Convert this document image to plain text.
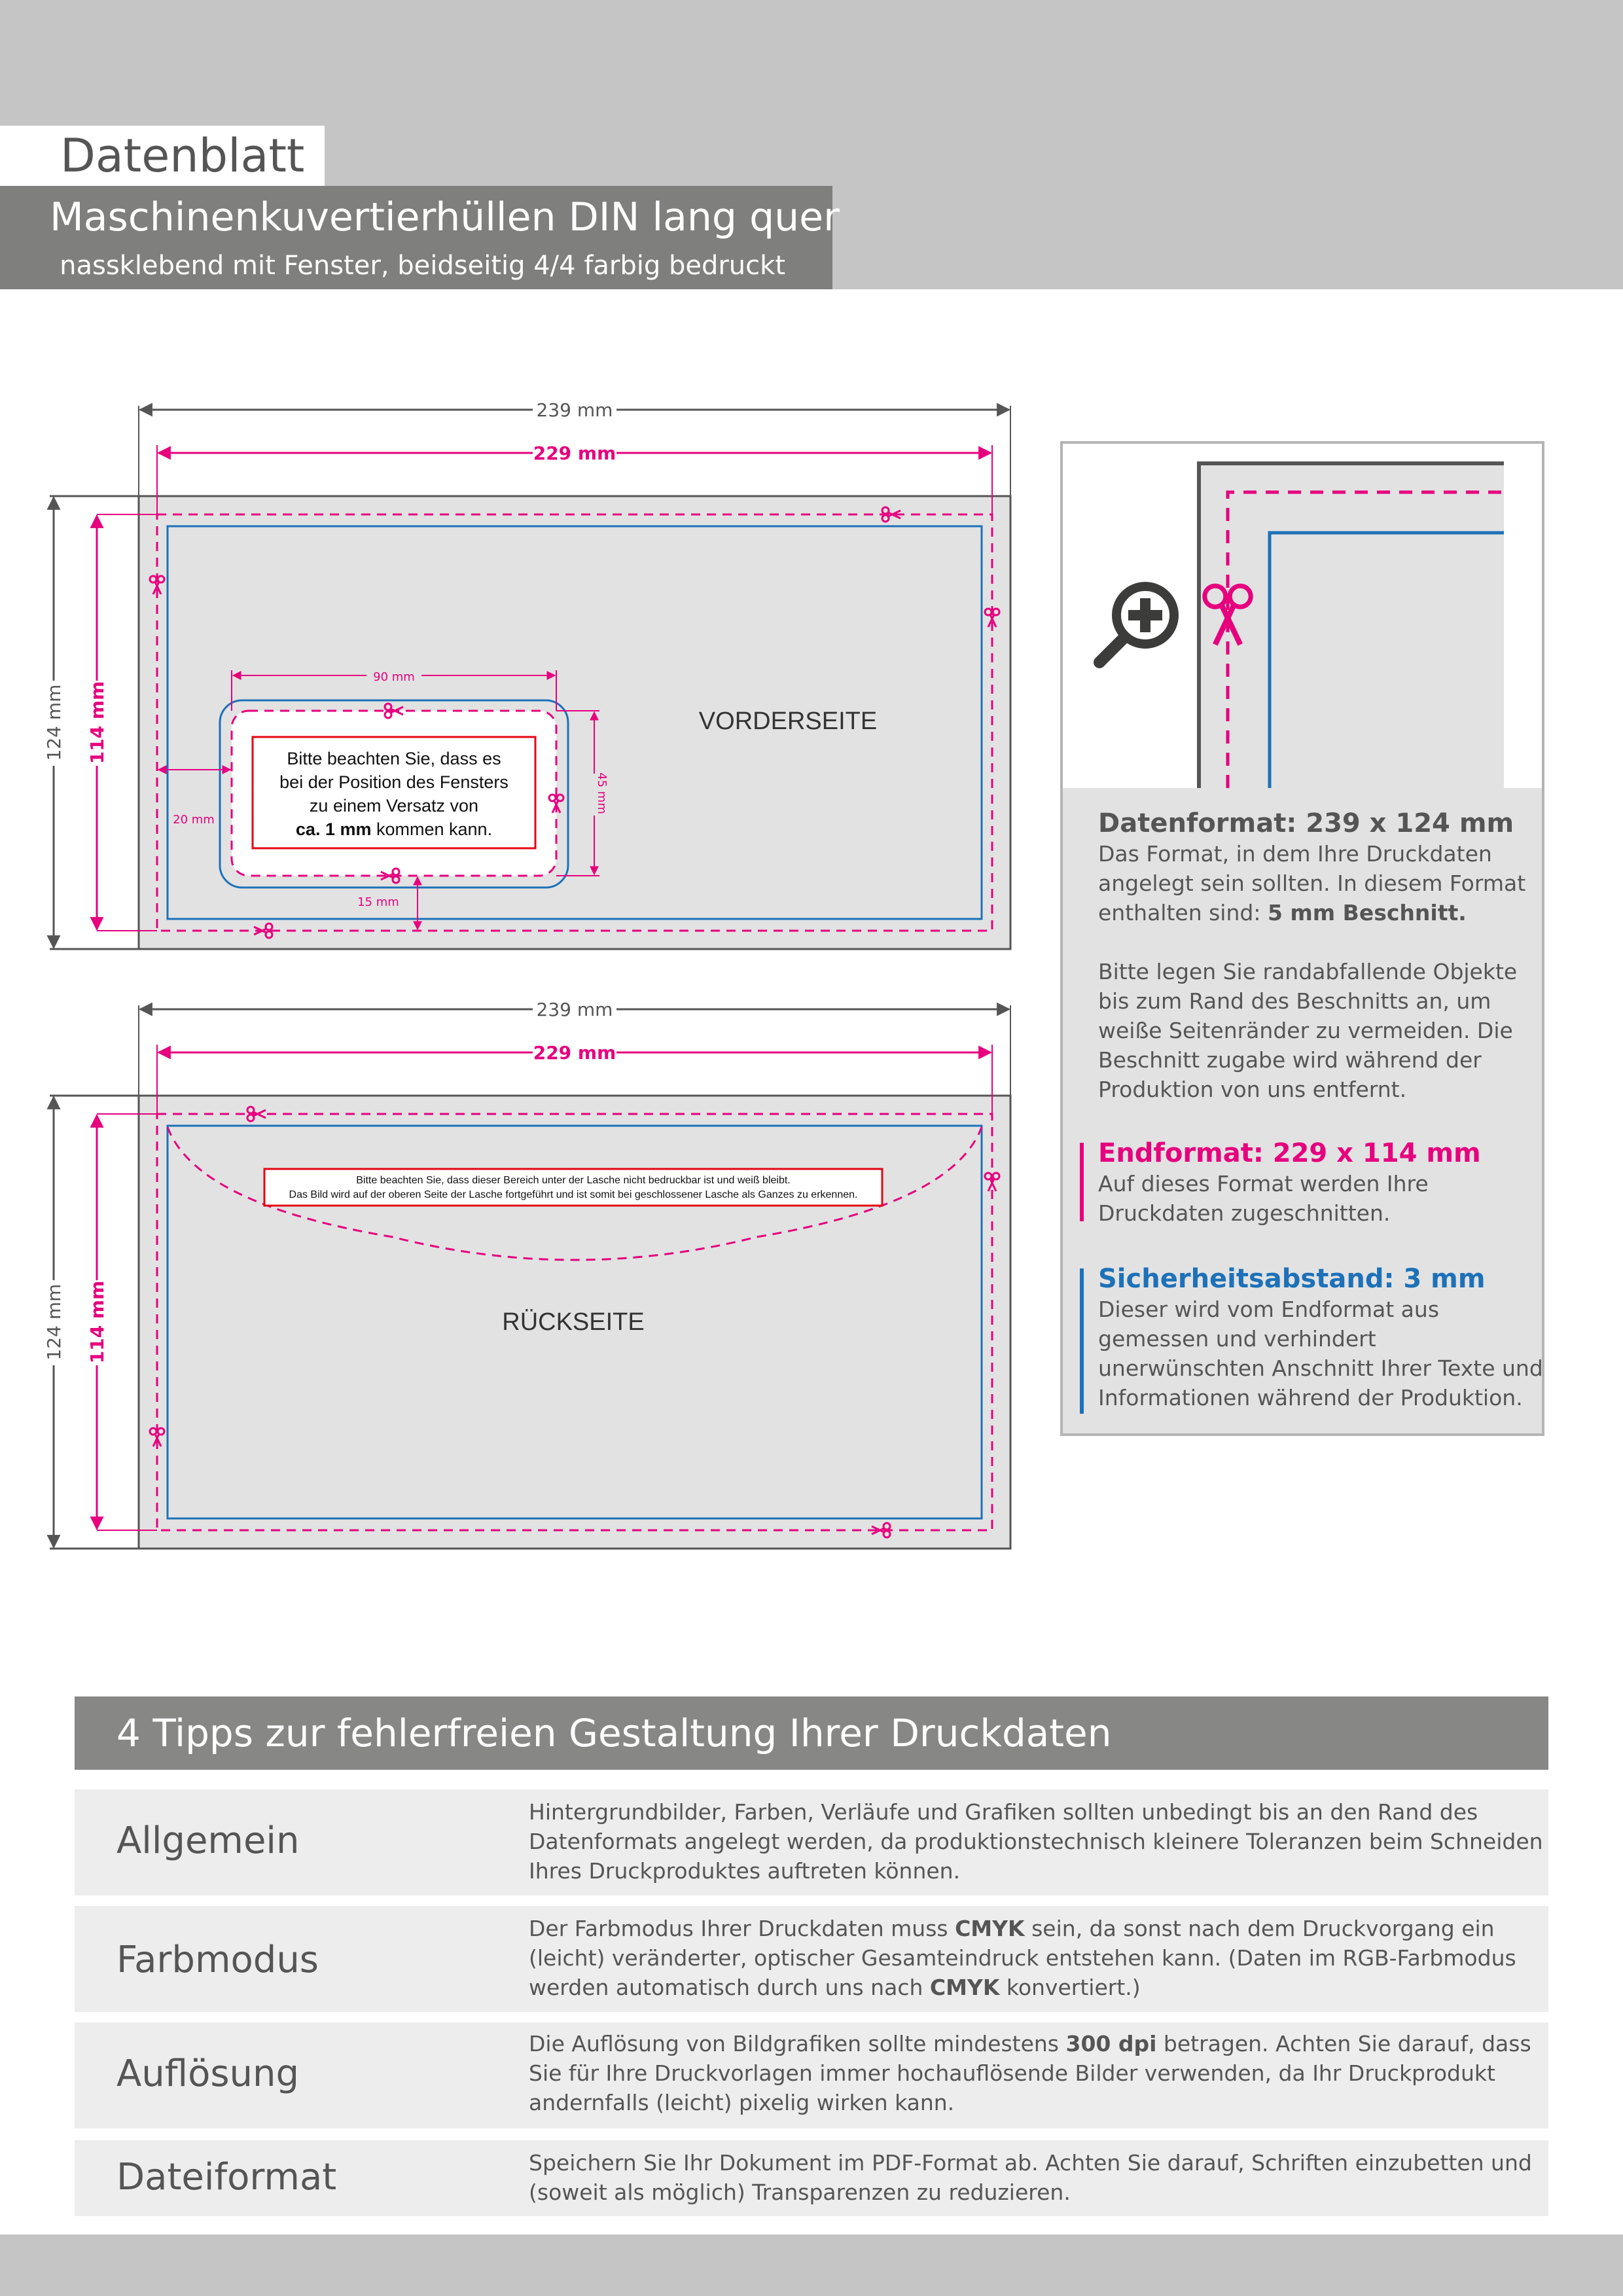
Datenblatt
Maschinenkuvertierhüllen DIN lang quer
nassklebend mit Fenster, beidseitig 4/4 farbig bedruckt
Bitte beachten Sie, dass es
bei der Position des Fensters
zu einem Versatz von
ca. 1 mm kommen kann.
239 mm
229 mm
124 mm 114 mm
90 mm
45 mm
20 mm
15 mm
VORDERSEITE
Bitte beachten Sie, dass dieser Bereich unter der Lasche nicht bedruckbar ist und weiß bleibt.
Das Bild wird auf der oberen Seite der Lasche fortgeführt und ist somit bei geschlossener Lasche als Ganzes zu erkennen.
RÜCKSEITE
239 mm
229 mm
124 mm 114 mm
Datenformat: 239 x 124 mm
Das Format, in dem Ihre Druckdaten angelegt sein sollten. In diesem Format enthalten sind: 5 mm Beschnitt.
Bitte legen Sie randabfallende Objekte bis zum Rand des Beschnitts an, um weiße Seitenränder zu vermeiden. Die Beschnitt zugabe wird während der Produktion von uns entfernt.
Endformat: 229 x 114 mm
Auf dieses Format werden Ihre Druckdaten zugeschnitten.
Sicherheitsabstand: 3 mm
Dieser wird vom Endformat aus gemessen und verhindert unerwünschten Anschnitt Ihrer Texte und Informationen während der Produktion.
4 Tipps zur fehlerfreien Gestaltung Ihrer Druckdaten
Allgemein
Hintergrundbilder, Farben, Verläufe und Grafiken sollten unbedingt bis an den Rand des Datenformats angelegt werden, da produktionstechnisch kleinere Toleranzen beim Schneiden Ihres Druckproduktes auftreten können.
Farbmodus
Der Farbmodus Ihrer Druckdaten muss CMYK sein, da sonst nach dem Druckvorgang ein (leicht) veränderter, optischer Gesamteindruck entstehen kann. (Daten im RGB-Farbmodus werden automatisch durch uns nach CMYK konvertiert.)
Auflösung
Die Auflösung von Bildgrafiken sollte mindestens 300 dpi betragen. Achten Sie darauf, dass Sie für Ihre Druckvorlagen immer hochauflösende Bilder verwenden, da Ihr Druckprodukt andernfalls (leicht) pixelig wirken kann.
Dateiformat	Speichern Sie Ihr Dokument im PDF-Format ab. Achten Sie darauf, Schriften einzubetten und (soweit als möglich) Transparenzen zu reduzieren.
